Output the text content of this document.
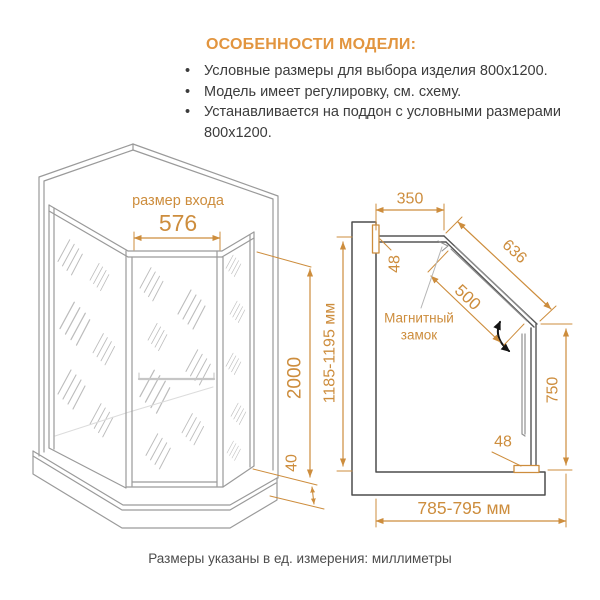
ОСОБЕННОСТИ МОДЕЛИ:
• Условные размеры для выбора изделия 800x1200.
• Модель имеет регулировку, см. схему.
• Устанавливается на поддон с условными размерами 800x1200.
размер входа
576
2000
40
350
48	636
500
Магнитный
замок
1185-1195 мм	750
48
785-795 мм
Размеры указаны в ед. измерения: миллиметры
